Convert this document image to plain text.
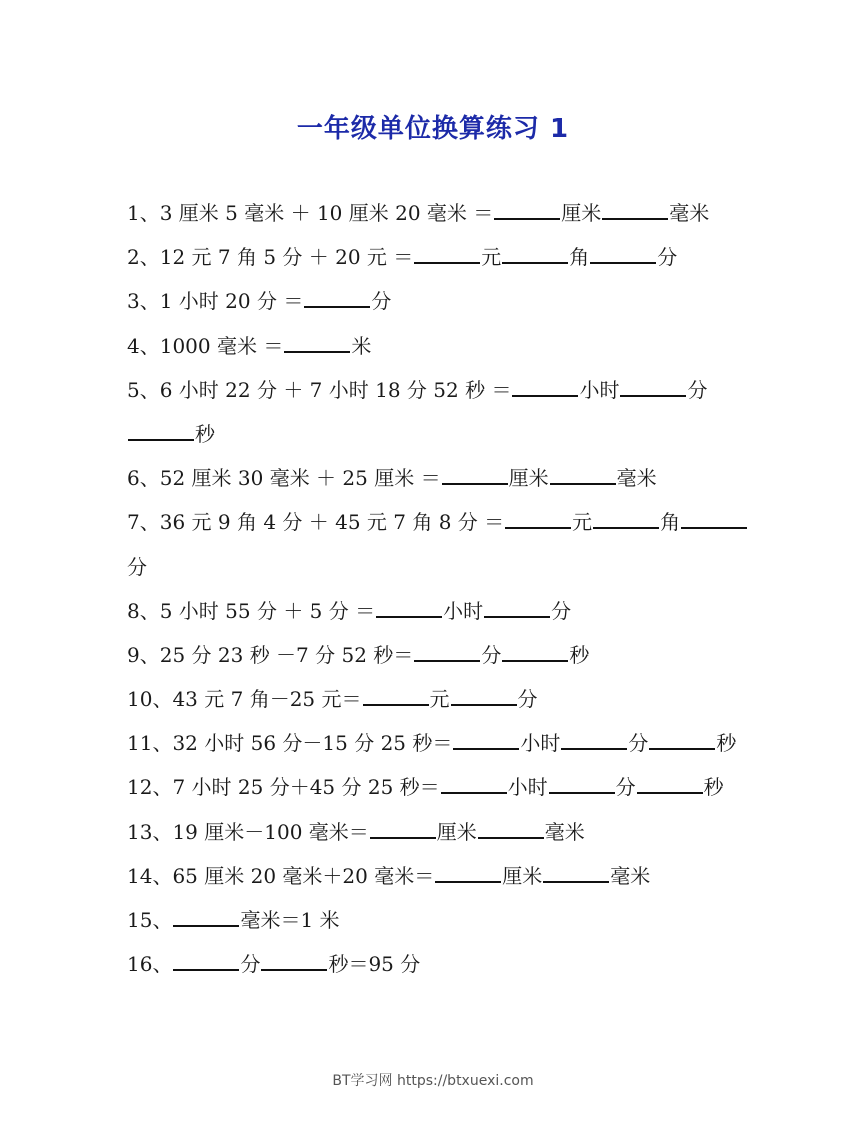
一年级单位换算练习 1
1、3 厘米 5 毫米 ＋ 10 厘米 20 毫米 ＝	厘米	毫米
2、12 元 7 角 5 分 ＋ 20 元 ＝	元	角	分
3、1 小时 20 分 ＝	分
4、1000 毫米 ＝	米
5、6 小时 22 分 ＋ 7 小时 18 分 52 秒 ＝	小时	分
秒
6、52 厘米 30 毫米 ＋ 25 厘米 ＝	厘米	毫米
7、36 元 9 角 4 分 ＋ 45 元 7 角 8 分 ＝	元	角
分
8、5 小时 55 分 ＋ 5 分 ＝	小时	分
9、25 分 23 秒 －7 分 52 秒＝	分	秒
10、43 元 7 角－25 元＝	元	分
11、32 小时 56 分－15 分 25 秒＝	小时	分	秒
12、7 小时 25 分＋45 分 25 秒＝	小时	分	秒
13、19 厘米－100 毫米＝	厘米	毫米
14、65 厘米 20 毫米＋20 毫米＝	厘米	毫米
15、	毫米＝1 米
16、	分	秒＝95 分
BT学习网 https://btxuexi.com
